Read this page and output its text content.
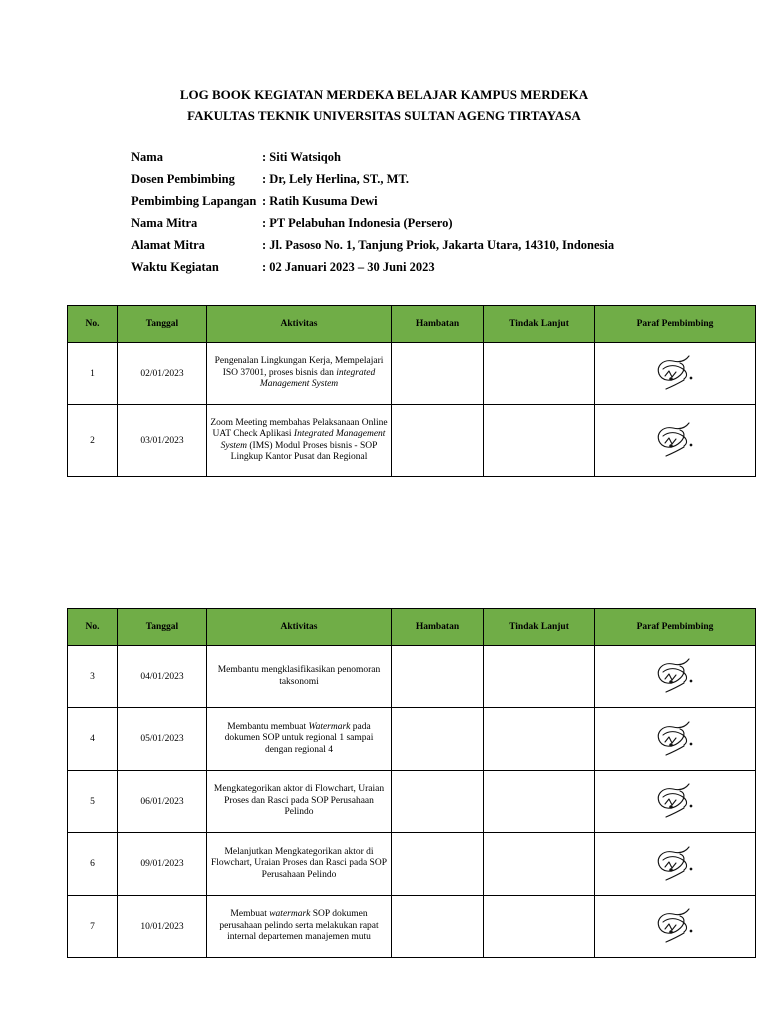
LOG BOOK KEGIATAN MERDEKA BELAJAR KAMPUS MERDEKA
FAKULTAS TEKNIK UNIVERSITAS SULTAN AGENG TIRTAYASA
Nama	: Siti Watsiqoh
Dosen Pembimbing	: Dr, Lely Herlina, ST., MT.
Pembimbing Lapangan : Ratih Kusuma Dewi
Nama Mitra	: PT Pelabuhan Indonesia (Persero)
Alamat Mitra	: Jl. Pasoso No. 1, Tanjung Priok, Jakarta Utara, 14310, Indonesia
Waktu Kegiatan	: 02 Januari 2023 – 30 Juni 2023
No.	Tanggal	Aktivitas	Hambatan	Tindak Lanjut	Paraf Pembimbing
1	02/01/2023	Pengenalan Lingkungan Kerja, Mempelajari ISO 37001, proses bisnis dan integrated Management System			
2	03/01/2023	Zoom Meeting membahas Pelaksanaan Online UAT Check Aplikasi Integrated Management System (IMS) Modul Proses bisnis - SOP Lingkup Kantor Pusat dan Regional			
No.	Tanggal	Aktivitas	Hambatan	Tindak Lanjut	Paraf Pembimbing
3	04/01/2023	Membantu mengklasifikasikan penomoran taksonomi			
4	05/01/2023	Membantu membuat Watermark pada dokumen SOP untuk regional 1 sampai dengan regional 4			
5	06/01/2023	Mengkategorikan aktor di Flowchart, Uraian Proses dan Rasci pada SOP Perusahaan Pelindo			
6	09/01/2023	Melanjutkan Mengkategorikan aktor di Flowchart, Uraian Proses dan Rasci pada SOP Perusahaan Pelindo			
7	10/01/2023	Membuat watermark SOP dokumen perusahaan pelindo serta melakukan rapat internal departemen manajemen mutu			
